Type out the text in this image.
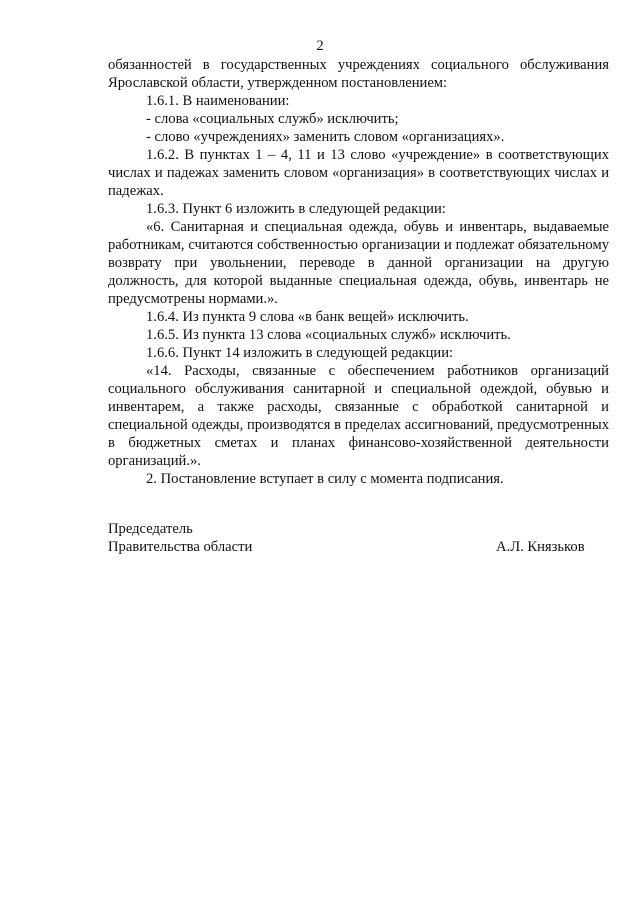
2

обязанностей в государственных учреждениях социального обслуживания Ярославской области, утвержденном постановлением:

1.6.1. В наименовании:

- слова «социальных служб» исключить;

- слово «учреждениях» заменить словом «организациях».

1.6.2. В пунктах 1 – 4, 11 и 13 слово «учреждение» в соответствующих числах и падежах заменить словом «организация» в соответствующих числах и падежах.

1.6.3. Пункт 6 изложить в следующей редакции:

«6. Санитарная и специальная одежда, обувь и инвентарь, выдаваемые работникам, считаются собственностью организации и подлежат обязательному возврату при увольнении, переводе в данной организации на другую должность, для которой выданные специальная одежда, обувь, инвентарь не предусмотрены нормами.».

1.6.4. Из пункта 9 слова «в банк вещей» исключить.

1.6.5. Из пункта 13 слова «социальных служб» исключить.

1.6.6. Пункт 14 изложить в следующей редакции:

«14. Расходы, связанные с обеспечением работников организаций социального обслуживания санитарной и специальной одеждой, обувью и инвентарем, а также расходы, связанные с обработкой санитарной и специальной одежды, производятся в пределах ассигнований, предусмотренных в бюджетных сметах и планах финансово-хозяйственной деятельности организаций.».

2. Постановление вступает в силу с момента подписания.

Председатель
Правительства области	А.Л. Князьков
